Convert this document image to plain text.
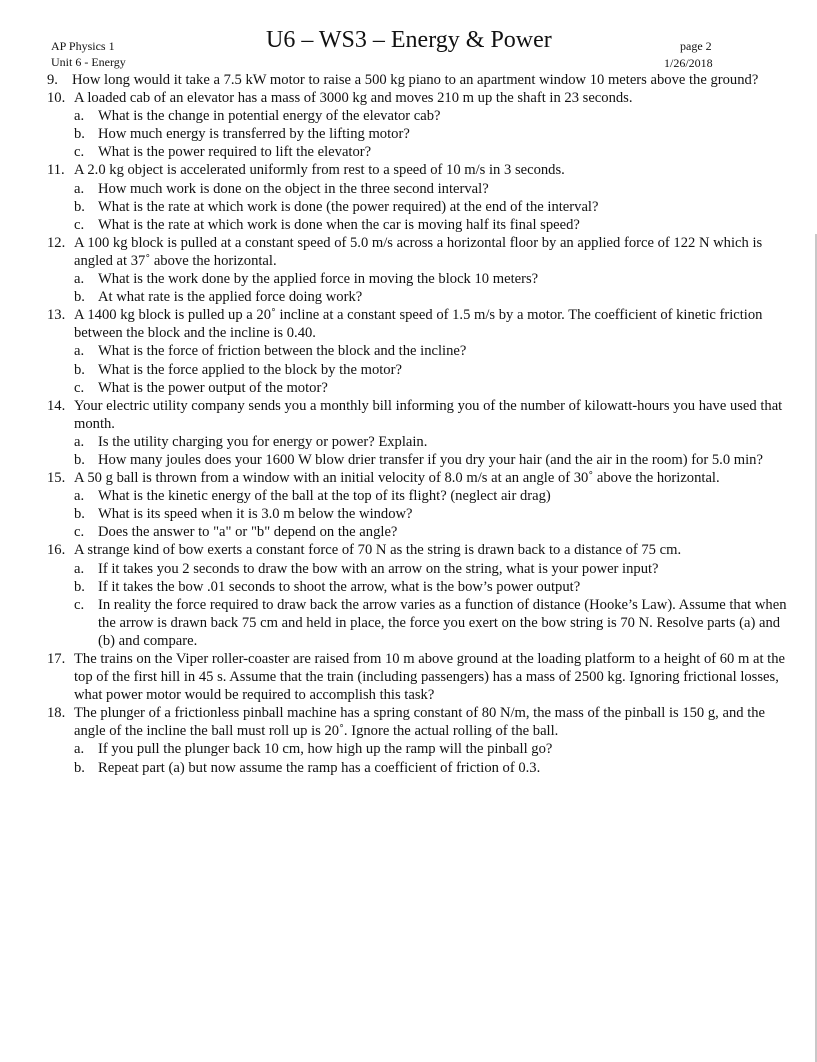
AP Physics 1
Unit 6 - Energy
U6 – WS3 – Energy & Power	page 2
1/26/2018
9. How long would it take a 7.5 kW motor to raise a 500 kg piano to an apartment window 10 meters above the ground?
10. A loaded cab of an elevator has a mass of 3000 kg and moves 210 m up the shaft in 23 seconds.
a. What is the change in potential energy of the elevator cab?
b. How much energy is transferred by the lifting motor?
c. What is the power required to lift the elevator?
11. A 2.0 kg object is accelerated uniformly from rest to a speed of 10 m/s in 3 seconds.
a. How much work is done on the object in the three second interval?
b. What is the rate at which work is done (the power required) at the end of the interval?
c. What is the rate at which work is done when the car is moving half its final speed?
12. A 100 kg block is pulled at a constant speed of 5.0 m/s across a horizontal floor by an applied force of 122 N which is angled at 37˚ above the horizontal.
a. What is the work done by the applied force in moving the block 10 meters?
b. At what rate is the applied force doing work?
13. A 1400 kg block is pulled up a 20˚ incline at a constant speed of 1.5 m/s by a motor. The coefficient of kinetic friction between the block and the incline is 0.40.
a. What is the force of friction between the block and the incline?
b. What is the force applied to the block by the motor?
c. What is the power output of the motor?
14. Your electric utility company sends you a monthly bill informing you of the number of kilowatt-hours you have used that month.
a. Is the utility charging you for energy or power? Explain.
b. How many joules does your 1600 W blow drier transfer if you dry your hair (and the air in the room) for 5.0 min?
15. A 50 g ball is thrown from a window with an initial velocity of 8.0 m/s at an angle of 30˚ above the horizontal.
a. What is the kinetic energy of the ball at the top of its flight? (neglect air drag)
b. What is its speed when it is 3.0 m below the window?
c. Does the answer to "a" or "b" depend on the angle?
16. A strange kind of bow exerts a constant force of 70 N as the string is drawn back to a distance of 75 cm.
a. If it takes you 2 seconds to draw the bow with an arrow on the string, what is your power input?
b. If it takes the bow .01 seconds to shoot the arrow, what is the bow’s power output?
c. In reality the force required to draw back the arrow varies as a function of distance (Hooke’s Law). Assume that when the arrow is drawn back 75 cm and held in place, the force you exert on the bow string is 70 N. Resolve parts (a) and (b) and compare.
17. The trains on the Viper roller-coaster are raised from 10 m above ground at the loading platform to a height of 60 m at the top of the first hill in 45 s. Assume that the train (including passengers) has a mass of 2500 kg. Ignoring frictional losses, what power motor would be required to accomplish this task?
18. The plunger of a frictionless pinball machine has a spring constant of 80 N/m, the mass of the pinball is 150 g, and the angle of the incline the ball must roll up is 20˚. Ignore the actual rolling of the ball.
a. If you pull the plunger back 10 cm, how high up the ramp will the pinball go?
b. Repeat part (a) but now assume the ramp has a coefficient of friction of 0.3.
